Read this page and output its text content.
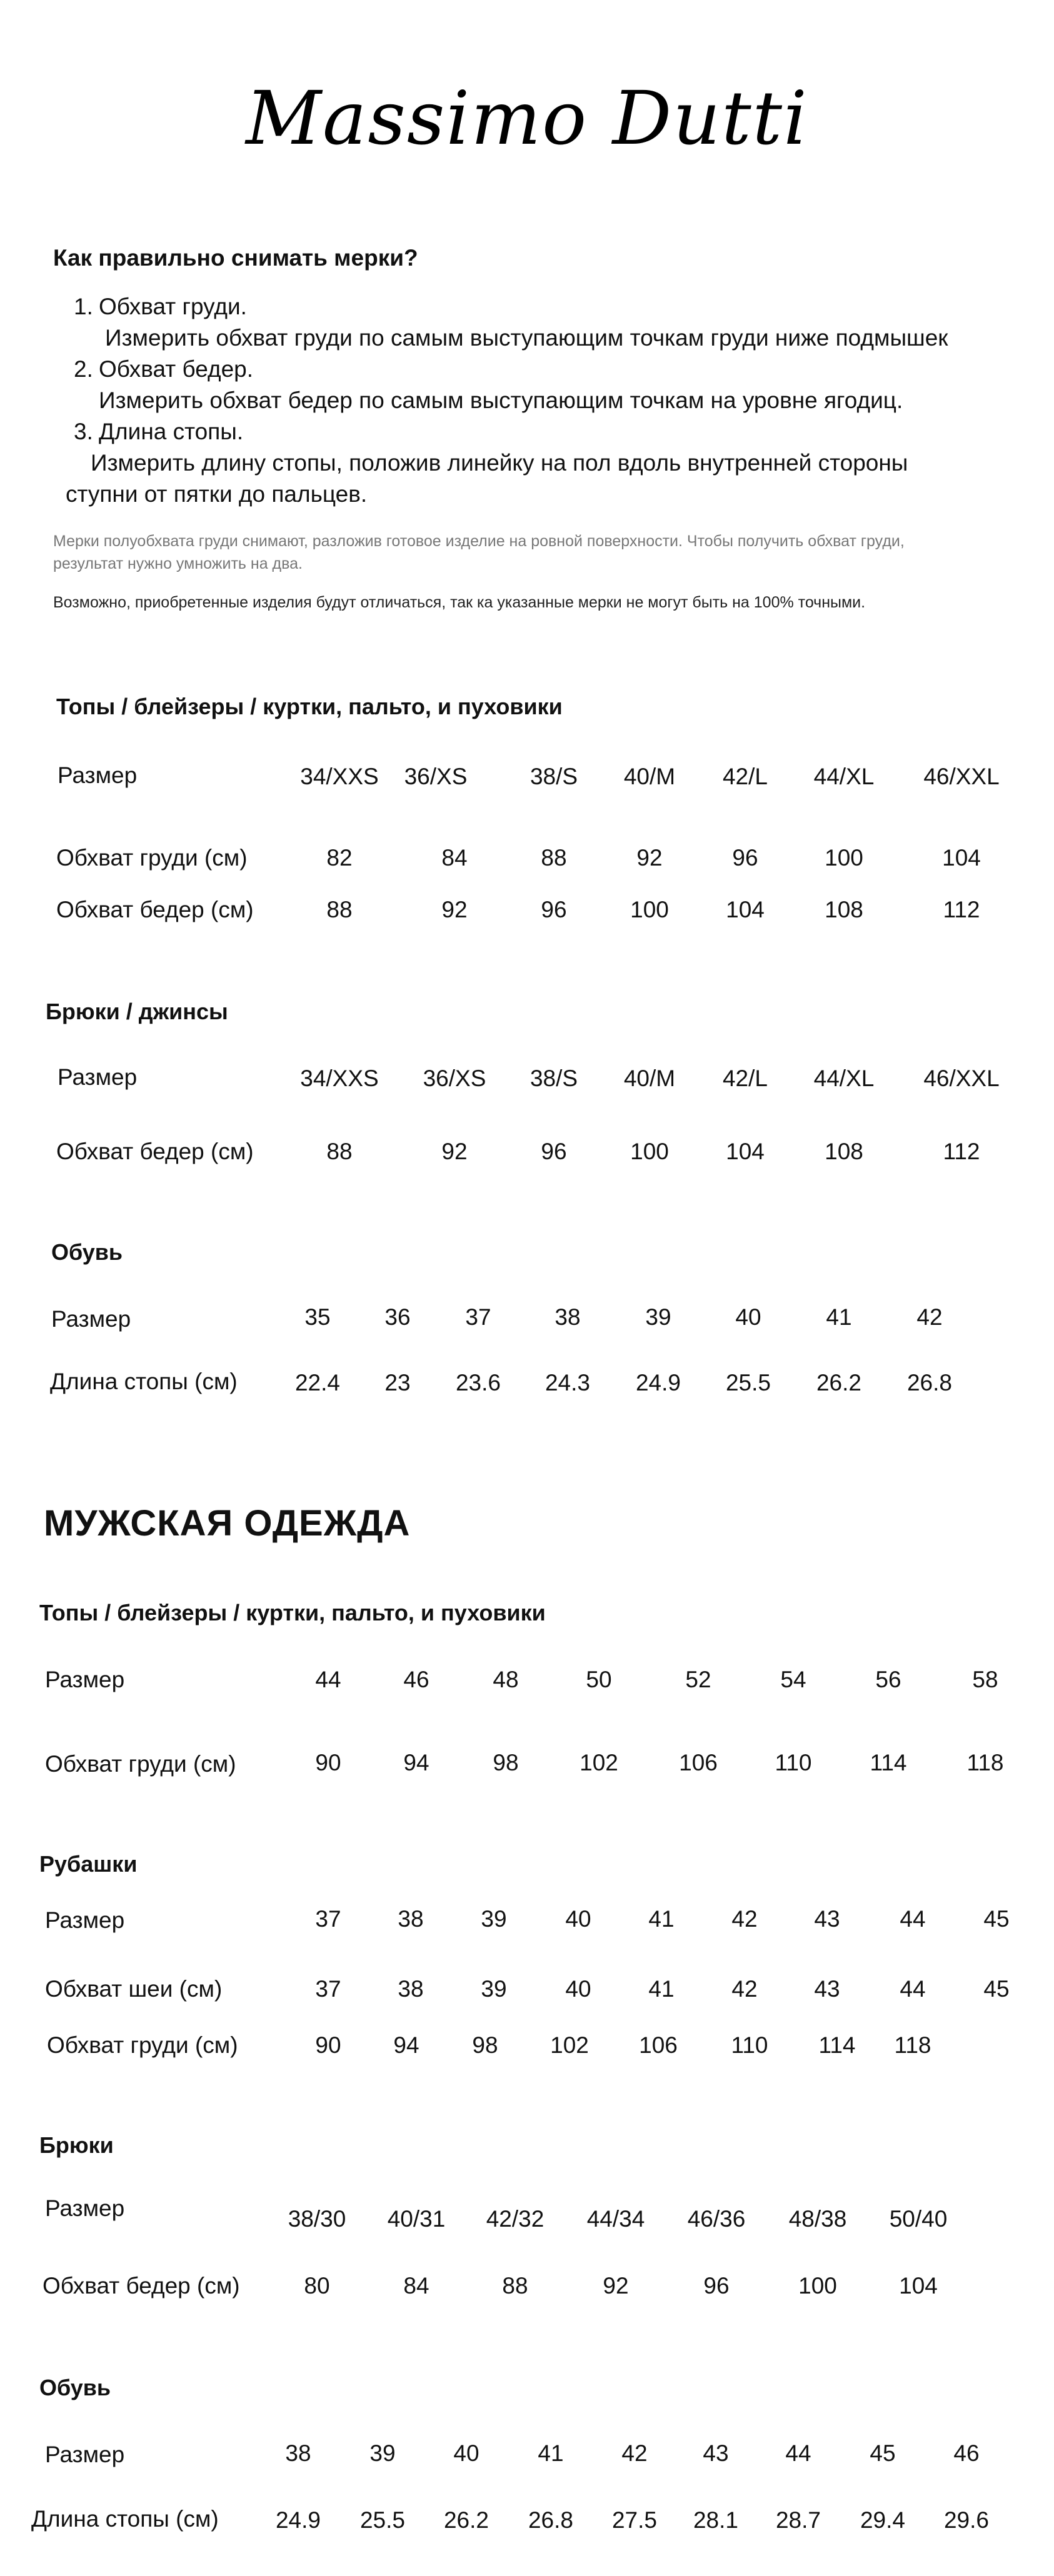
Massimo Dutti
Как правильно снимать мерки?
1. Обхват груди.
Измерить обхват груди по самым выступающим точкам груди ниже подмышек
2. Обхват бедер.
Измерить обхват бедер по самым выступающим точкам на уровне ягодиц.
3. Длина стопы.
Измерить длину стопы, положив линейку на пол вдоль внутренней стороны
ступни от пятки до пальцев.
Мерки полуобхвата груди снимают, разложив готовое изделие на ровной поверхности. Чтобы получить обхват груди,
результат нужно умножить на два.
Возможно, приобретенные изделия будут отличаться, так ка указанные мерки не могут быть на 100% точными.
Топы / блейзеры / куртки, пальто, и пуховики
Размер	34/XXS	36/XS	38/S	40/M	42/L	44/XL	46/XXL
Обхват груди (см)	82	84	88	92	96	100	104
Обхват бедер (см)	88	92	96	100	104	108	112
Брюки / джинсы
Размер	34/XXS	36/XS	38/S	40/M	42/L	44/XL	46/XXL
Обхват бедер (см)	88	92	96	100	104	108	112
Обувь
Размер	35	36	37	38	39	40	41	42
Длина стопы (см)	22.4	23	23.6	24.3	24.9	25.5	26.2	26.8
МУЖСКАЯ ОДЕЖДА
Топы / блейзеры / куртки, пальто, и пуховики
Размер	44	46	48	50	52	54	56	58
Обхват груди (см)	90	94	98	102	106	110	114	118
Рубашки
Размер	37	38	39	40	41	42	43	44	45
Обхват шеи (см)	37	38	39	40	41	42	43	44	45
Обхват груди (см)	90	94	98	102	106	110	114	118
Брюки
Размер	38/30	40/31	42/32	44/34	46/36	48/38	50/40
Обхват бедер (см)	80	84	88	92	96	100	104
Обувь
Размер	38	39	40	41	42	43	44	45	46
Длина стопы (см)	24.9	25.5	26.2	26.8	27.5	28.1	28.7	29.4	29.6
